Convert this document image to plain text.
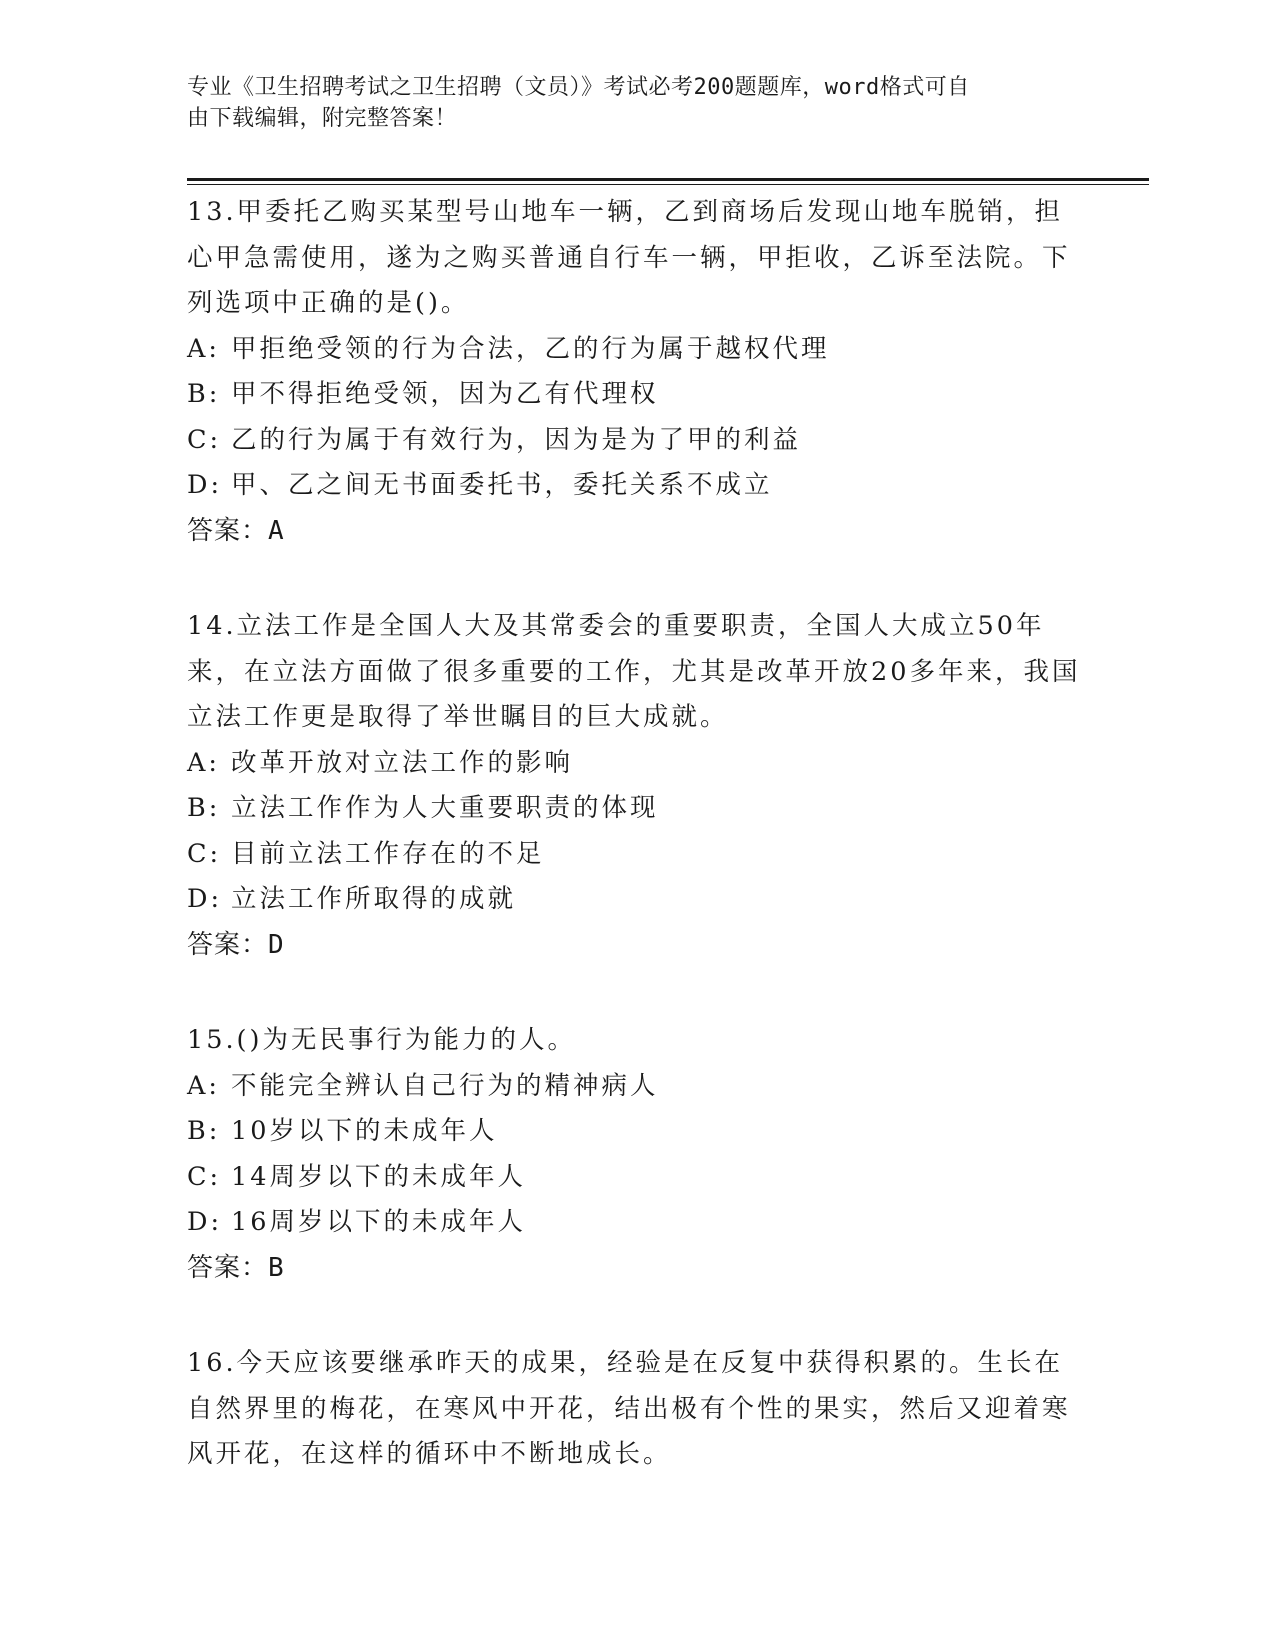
专业《卫生招聘考试之卫生招聘（文员）》考试必考200题题库，word格式可自
由下载编辑，附完整答案！

13.甲委托乙购买某型号山地车一辆，乙到商场后发现山地车脱销，担心甲急需使用，遂为之购买普通自行车一辆，甲拒收，乙诉至法院。下列选项中正确的是()。

A: 甲拒绝受领的行为合法，乙的行为属于越权代理

B: 甲不得拒绝受领，因为乙有代理权

C: 乙的行为属于有效行为，因为是为了甲的利益

D: 甲、乙之间无书面委托书，委托关系不成立

答案：A

14.立法工作是全国人大及其常委会的重要职责，全国人大成立50年来，在立法方面做了很多重要的工作，尤其是改革开放20多年来，我国立法工作更是取得了举世瞩目的巨大成就。

A: 改革开放对立法工作的影响

B: 立法工作作为人大重要职责的体现

C: 目前立法工作存在的不足

D: 立法工作所取得的成就

答案：D

15.()为无民事行为能力的人。

A: 不能完全辨认自己行为的精神病人

B: 10岁以下的未成年人

C: 14周岁以下的未成年人

D: 16周岁以下的未成年人

答案：B

16.今天应该要继承昨天的成果，经验是在反复中获得积累的。生长在自然界里的梅花，在寒风中开花，结出极有个性的果实，然后又迎着寒风开花，在这样的循环中不断地成长。
